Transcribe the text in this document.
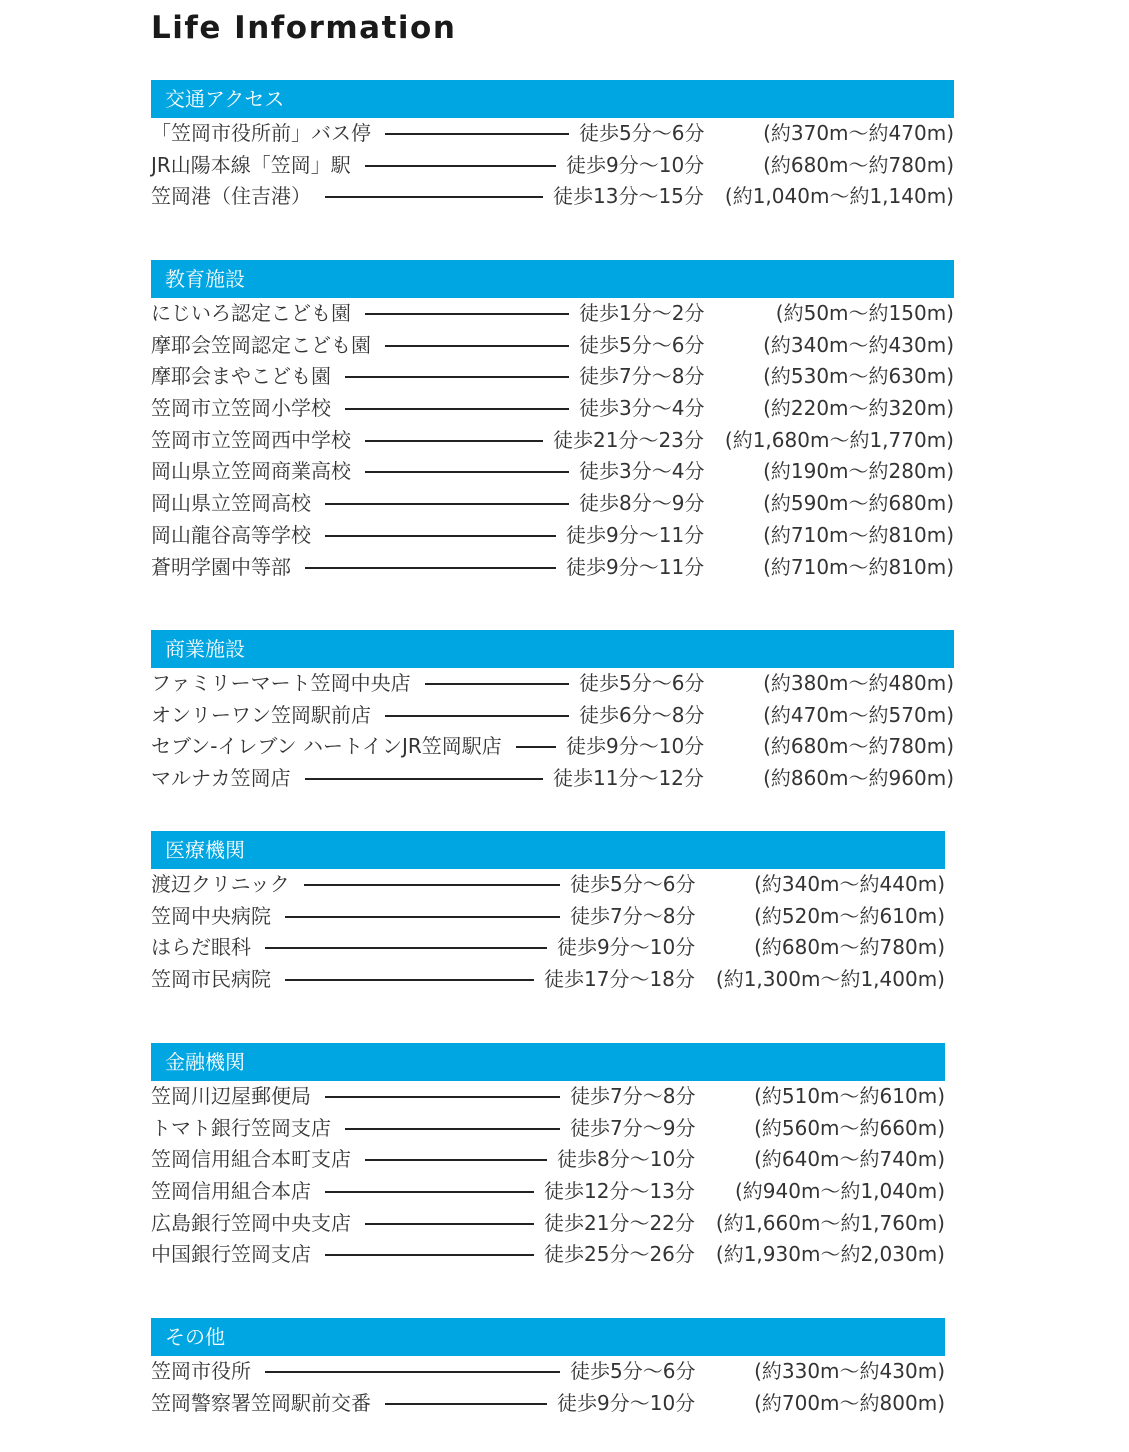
Life Information
交通アクセス
「笠岡市役所前」バス停	徒歩5分～6分	(約370m～約470m)
JR山陽本線「笠岡」駅	徒歩9分～10分	(約680m～約780m)
笠岡港（住吉港）	徒歩13分～15分 (約1,040m～約1,140m)
教育施設
にじいろ認定こども園	徒歩1分～2分	(約50m～約150m)
摩耶会笠岡認定こども園	徒歩5分～6分	(約340m～約430m)
摩耶会まやこども園	徒歩7分～8分	(約530m～約630m)
笠岡市立笠岡小学校	徒歩3分～4分	(約220m～約320m)
笠岡市立笠岡西中学校	徒歩21分～23分 (約1,680m～約1,770m)
岡山県立笠岡商業高校	徒歩3分～4分	(約190m～約280m)
岡山県立笠岡高校	徒歩8分～9分	(約590m～約680m)
岡山龍谷高等学校	徒歩9分～11分	(約710m～約810m)
蒼明学園中等部	徒歩9分～11分	(約710m～約810m)
商業施設
ファミリーマート笠岡中央店	徒歩5分～6分	(約380m～約480m)
オンリーワン笠岡駅前店	徒歩6分～8分	(約470m～約570m)
セブン-イレブン ハートインJR笠岡駅店	徒歩9分～10分	(約680m～約780m)
マルナカ笠岡店	徒歩11分～12分	(約860m～約960m)
医療機関
渡辺クリニック	徒歩5分～6分	(約340m～約440m)
笠岡中央病院	徒歩7分～8分	(約520m～約610m)
はらだ眼科	徒歩9分～10分	(約680m～約780m)
笠岡市民病院	徒歩17分～18分 (約1,300m～約1,400m)
金融機関
笠岡川辺屋郵便局	徒歩7分～8分	(約510m～約610m)
トマト銀行笠岡支店	徒歩7分～9分	(約560m～約660m)
笠岡信用組合本町支店	徒歩8分～10分	(約640m～約740m)
笠岡信用組合本店	徒歩12分～13分 (約940m～約1,040m)
広島銀行笠岡中央支店	徒歩21分～22分 (約1,660m～約1,760m)
中国銀行笠岡支店	徒歩25分～26分 (約1,930m～約2,030m)
その他
笠岡市役所	徒歩5分～6分	(約330m～約430m)
笠岡警察署笠岡駅前交番	徒歩9分～10分	(約700m～約800m)
